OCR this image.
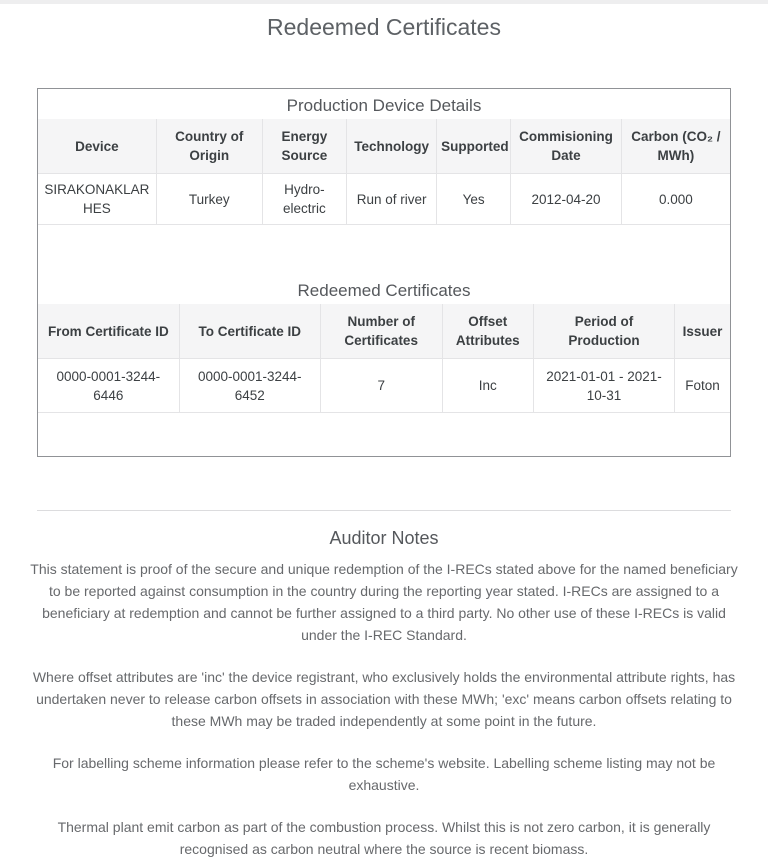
Redeemed Certificates
Production Device Details
Device	Country of Origin	Energy Source	Technology	Supported	Commisioning Date	Carbon (CO₂ / MWh)
SIRAKONAKLAR HES	Turkey	Hydro-electric	Run of river	Yes	2012-04-20	0.000
Redeemed Certificates
From Certificate ID	To Certificate ID	Number of Certificates	Offset Attributes	Period of Production	Issuer
0000-0001-3244-6446	0000-0001-3244-6452	7	Inc	2021-01-01 - 2021-10-31	Foton
Auditor Notes

This statement is proof of the secure and unique redemption of the I-RECs stated above for the named beneficiary to be reported against consumption in the country during the reporting year stated. I-RECs are assigned to a beneficiary at redemption and cannot be further assigned to a third party. No other use of these I-RECs is valid under the I-REC Standard.

Where offset attributes are 'inc' the device registrant, who exclusively holds the environmental attribute rights, has undertaken never to release carbon offsets in association with these MWh; 'exc' means carbon offsets relating to these MWh may be traded independently at some point in the future.

For labelling scheme information please refer to the scheme's website. Labelling scheme listing may not be exhaustive.

Thermal plant emit carbon as part of the combustion process. Whilst this is not zero carbon, it is generally recognised as carbon neutral where the source is recent biomass.
